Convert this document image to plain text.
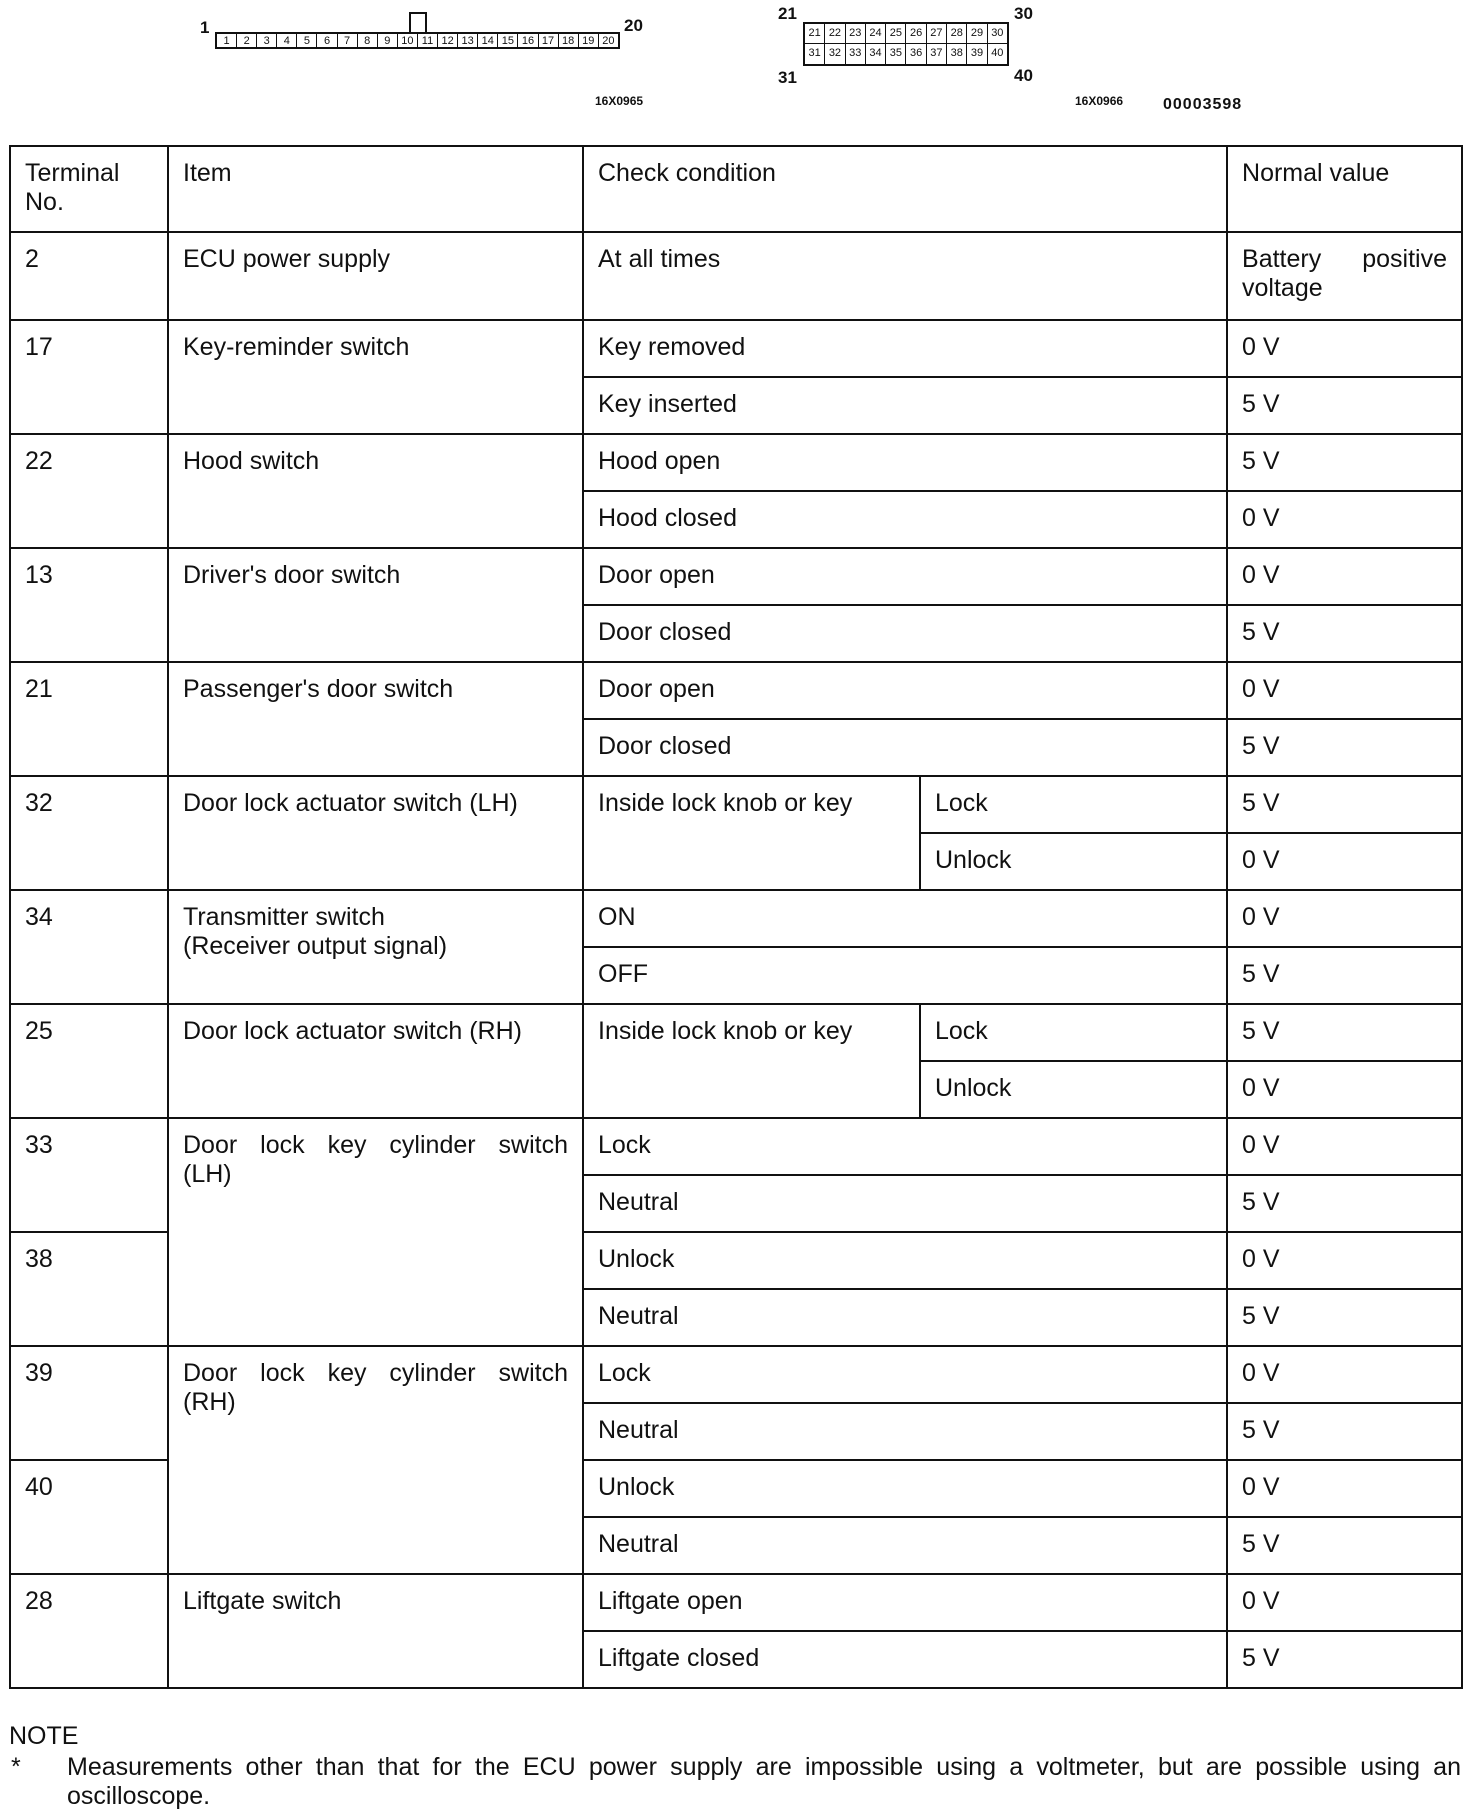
1
1	2	3	4	5	6	7	8	9 10 11 12 13 14 15 16 17 18 19 20
20
16X0965
21	30
21 22 23 24 25 26 27 28 29 30
31 32 33 34 35 36 37 38 39 40
31	40
16X0966 00003598
Terminal No.	Item	Check condition		Normal value
2	ECU power supply	At all times		Battery positive voltage
17	Key-reminder switch	Key removed		0 V
		Key inserted		5 V
22	Hood switch	Hood open		5 V
		Hood closed		0 V
13	Driver's door switch	Door open		0 V
		Door closed		5 V
21	Passenger's door switch	Door open		0 V
		Door closed		5 V
32	Door lock actuator switch (LH)	Inside lock knob or key	Lock	5 V
			Unlock	0 V
34	Transmitter switch
(Receiver output signal)	ON		0 V
		OFF		5 V
25	Door lock actuator switch (RH)	Inside lock knob or key	Lock	5 V
			Unlock	0 V
33	Door lock key cylinder switch
(LH)	Lock		0 V
		Neutral		5 V
38		Unlock		0 V
		Neutral		5 V
39	Door lock key cylinder switch
(RH)	Lock		0 V
		Neutral		5 V
40		Unlock		0 V
		Neutral		5 V
28	Liftgate switch	Liftgate open		0 V
		Liftgate closed		5 V
NOTE
*	Measurements other than that for the ECU power supply are impossible using a voltmeter, but are possible using an oscilloscope.
